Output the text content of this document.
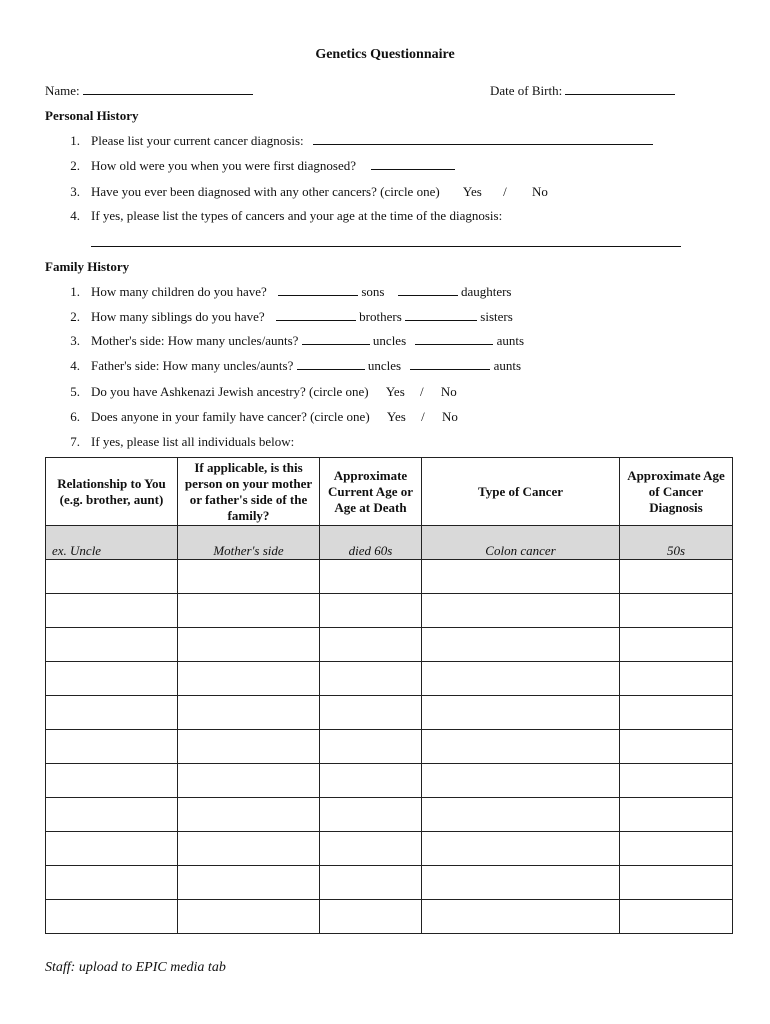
Genetics Questionnaire
Name:	Date of Birth:
Personal History
1. Please list your current cancer diagnosis:
2. How old were you when you were first diagnosed?
3. Have you ever been diagnosed with any other cancers? (circle one) Yes / No
4. If yes, please list the types of cancers and your age at the time of the diagnosis:
Family History
1. How many children do you have?	sons	daughters
2. How many siblings do you have?	brothers	sisters
3. Mother's side: How many uncles/aunts?	uncles	aunts
4. Father's side: How many uncles/aunts?	uncles	aunts
5. Do you have Ashkenazi Jewish ancestry? (circle one) Yes / No
6. Does anyone in your family have cancer? (circle one) Yes / No
7. If yes, please list all individuals below:
Relationship to You (e.g. brother, aunt)	If applicable, is this person on your mother or father's side of the family?	Approximate Current Age or Age at Death	Type of Cancer	Approximate Age of Cancer Diagnosis
ex. Uncle	Mother's side	died 60s	Colon cancer	50s

Staff: upload to EPIC media tab
